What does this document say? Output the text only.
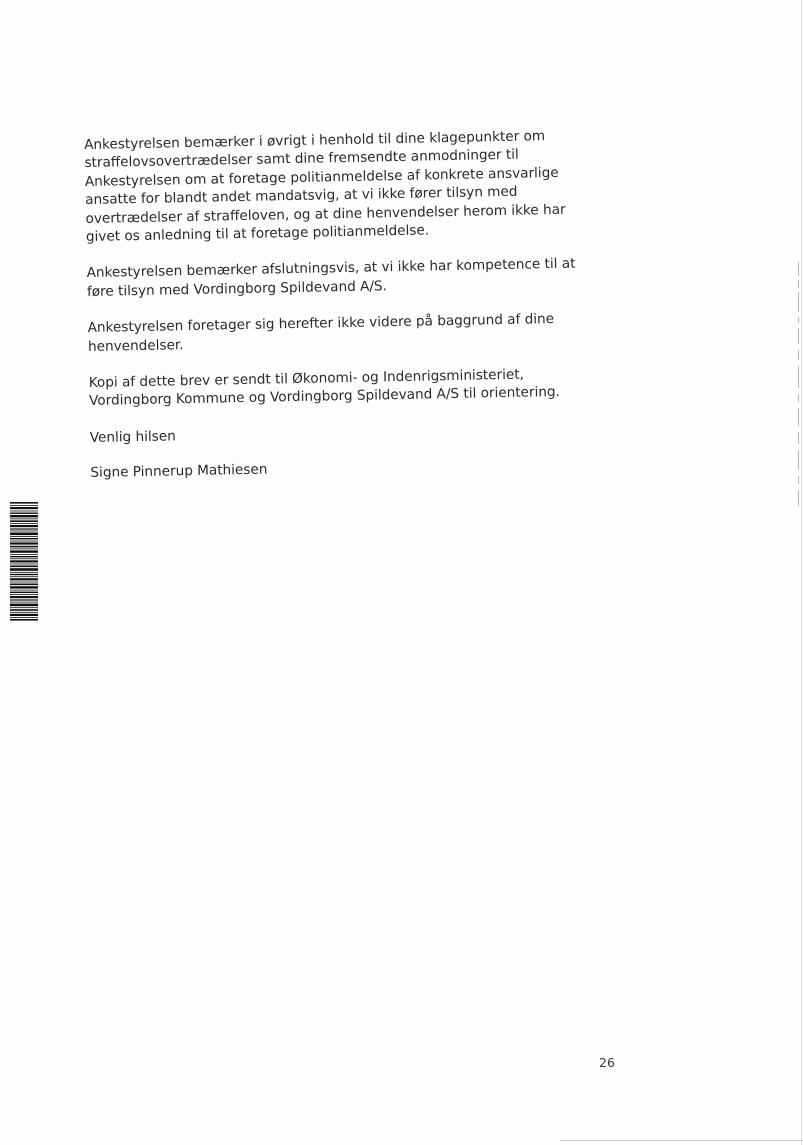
Ankestyrelsen bemærker i øvrigt i henhold til dine klagepunkter om
straffelovsovertrædelser samt dine fremsendte anmodninger til
Ankestyrelsen om at foretage politianmeldelse af konkrete ansvarlige
ansatte for blandt andet mandatsvig, at vi ikke fører tilsyn med
overtrædelser af straffeloven, og at dine henvendelser herom ikke har
givet os anledning til at foretage politianmeldelse.

Ankestyrelsen bemærker afslutningsvis, at vi ikke har kompetence til at
føre tilsyn med Vordingborg Spildevand A/S.

Ankestyrelsen foretager sig herefter ikke videre på baggrund af dine
henvendelser.

Kopi af dette brev er sendt til Økonomi- og Indenrigsministeriet,
Vordingborg Kommune og Vordingborg Spildevand A/S til orientering.

Venlig hilsen

Signe Pinnerup Mathiesen

26
